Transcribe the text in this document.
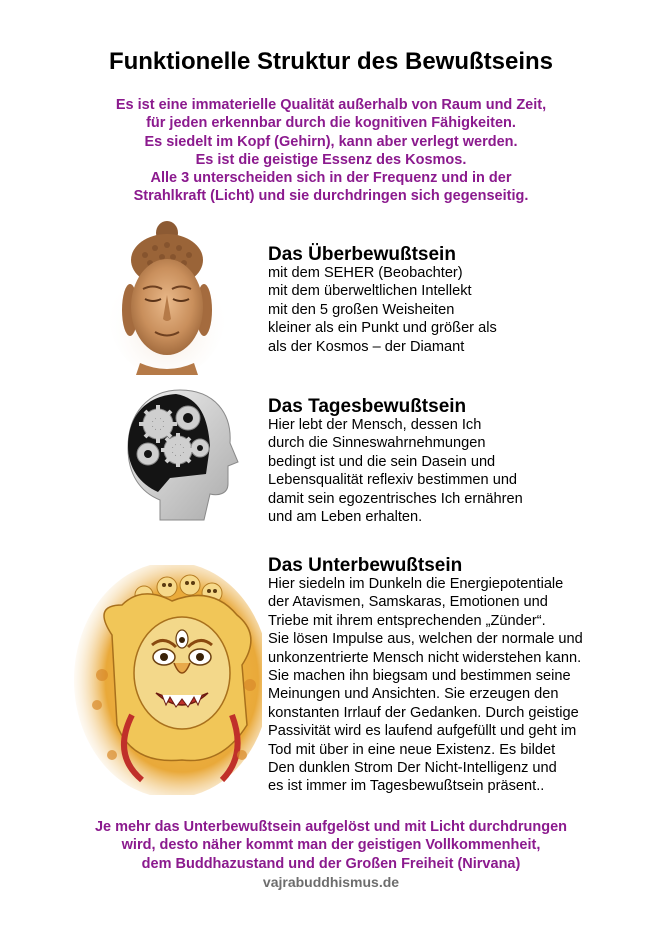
Funktionelle Struktur des Bewußtseins
Es ist eine immaterielle Qualität außerhalb von Raum und Zeit,
für jeden erkennbar durch die kognitiven Fähigkeiten.
Es siedelt im Kopf (Gehirn), kann aber verlegt werden.
Es ist die geistige Essenz des Kosmos.
Alle 3 unterscheiden sich in der Frequenz und in der
Strahlkraft (Licht) und sie durchdringen sich gegenseitig.
Das Überbewußtsein
mit dem SEHER (Beobachter)
mit dem überweltlichen Intellekt
mit den 5 großen Weisheiten
kleiner als ein Punkt und größer als
als der Kosmos – der Diamant
Das Tagesbewußtsein
Hier lebt der Mensch, dessen Ich
durch die Sinneswahrnehmungen
bedingt ist und die sein Dasein und
Lebensqualität reflexiv bestimmen und
damit sein egozentrisches Ich ernähren
und am Leben erhalten.
Das Unterbewußtsein
Hier siedeln im Dunkeln die Energiepotentiale
der Atavismen, Samskaras, Emotionen und
Triebe mit ihrem entsprechenden „Zünder“.
Sie lösen Impulse aus, welchen der normale und
unkonzentrierte Mensch nicht widerstehen kann.
Sie machen ihn biegsam und bestimmen seine
Meinungen und Ansichten. Sie erzeugen den
konstanten Irrlauf der Gedanken. Durch geistige
Passivität wird es laufend aufgefüllt und geht im
Tod mit über in eine neue Existenz. Es bildet
Den dunklen Strom Der Nicht-Intelligenz und
es ist immer im Tagesbewußtsein präsent..
Je mehr das Unterbewußtsein aufgelöst und mit Licht durchdrungen
wird, desto näher kommt man der geistigen Vollkommenheit,
dem Buddhazustand und der Großen Freiheit (Nirvana)
vajrabuddhismus.de
